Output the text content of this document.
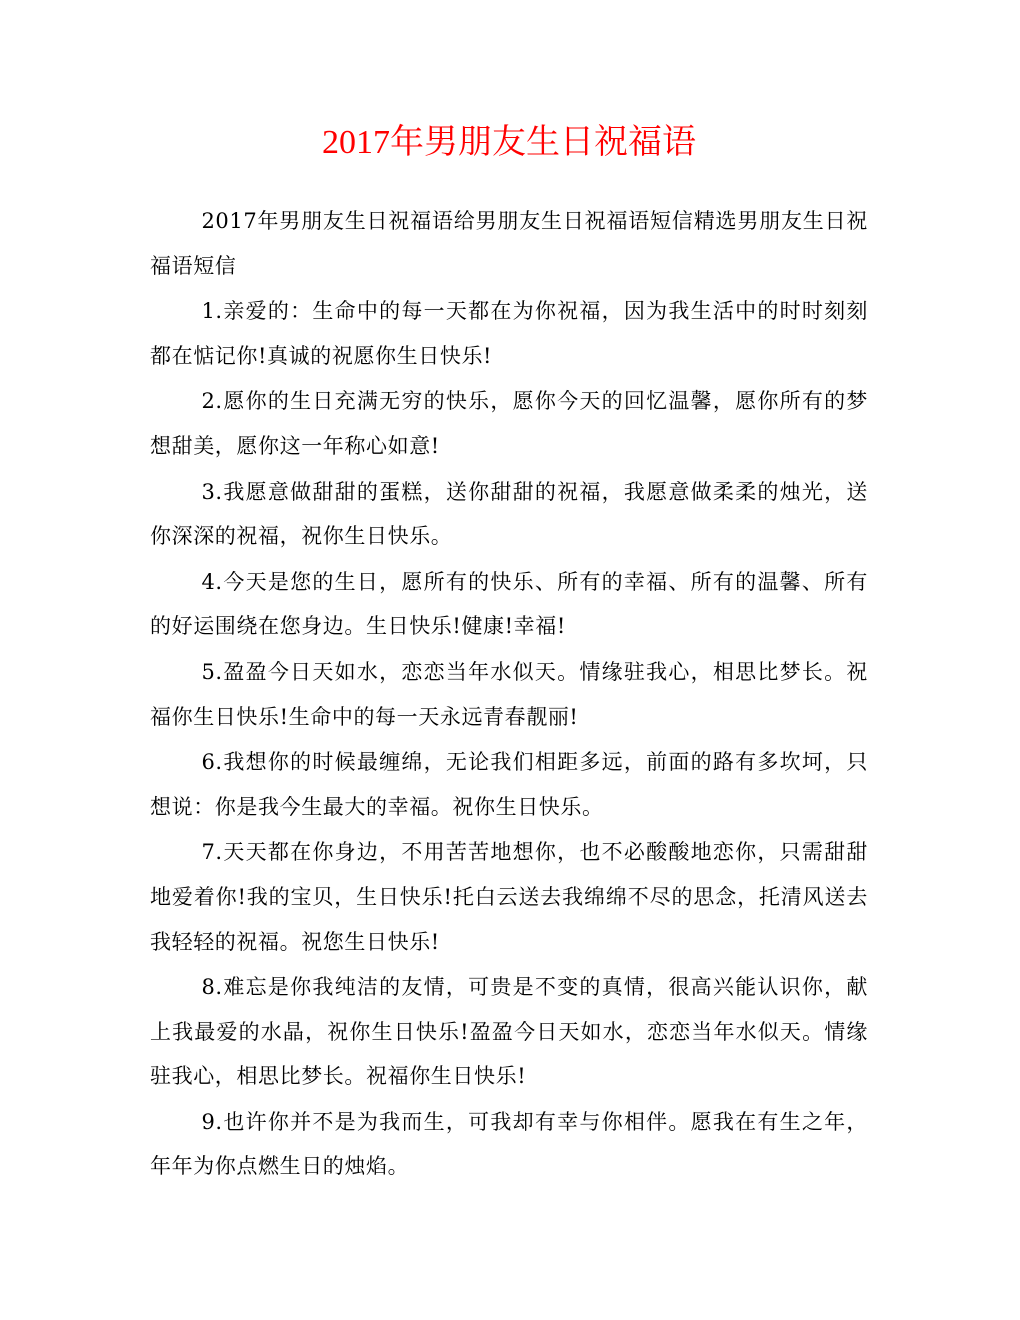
2017年男朋友生日祝福语

2017年男朋友生日祝福语给男朋友生日祝福语短信精选男朋友生日祝福语短信

1.亲爱的：生命中的每一天都在为你祝福，因为我生活中的时时刻刻都在惦记你!真诚的祝愿你生日快乐!

2.愿你的生日充满无穷的快乐，愿你今天的回忆温馨，愿你所有的梦想甜美，愿你这一年称心如意!

3.我愿意做甜甜的蛋糕，送你甜甜的祝福，我愿意做柔柔的烛光，送你深深的祝福，祝你生日快乐。

4.今天是您的生日，愿所有的快乐、所有的幸福、所有的温馨、所有的好运围绕在您身边。生日快乐!健康!幸福!

5.盈盈今日天如水，恋恋当年水似天。情缘驻我心，相思比梦长。祝福你生日快乐!生命中的每一天永远青春靓丽!

6.我想你的时候最缠绵，无论我们相距多远，前面的路有多坎坷，只想说：你是我今生最大的幸福。祝你生日快乐。

7.天天都在你身边，不用苦苦地想你，也不必酸酸地恋你，只需甜甜地爱着你!我的宝贝，生日快乐!托白云送去我绵绵不尽的思念，托清风送去我轻轻的祝福。祝您生日快乐!

8.难忘是你我纯洁的友情，可贵是不变的真情，很高兴能认识你，献上我最爱的水晶，祝你生日快乐!盈盈今日天如水，恋恋当年水似天。情缘驻我心，相思比梦长。祝福你生日快乐!

9.也许你并不是为我而生，可我却有幸与你相伴。愿我在有生之年，年年为你点燃生日的烛焰。
